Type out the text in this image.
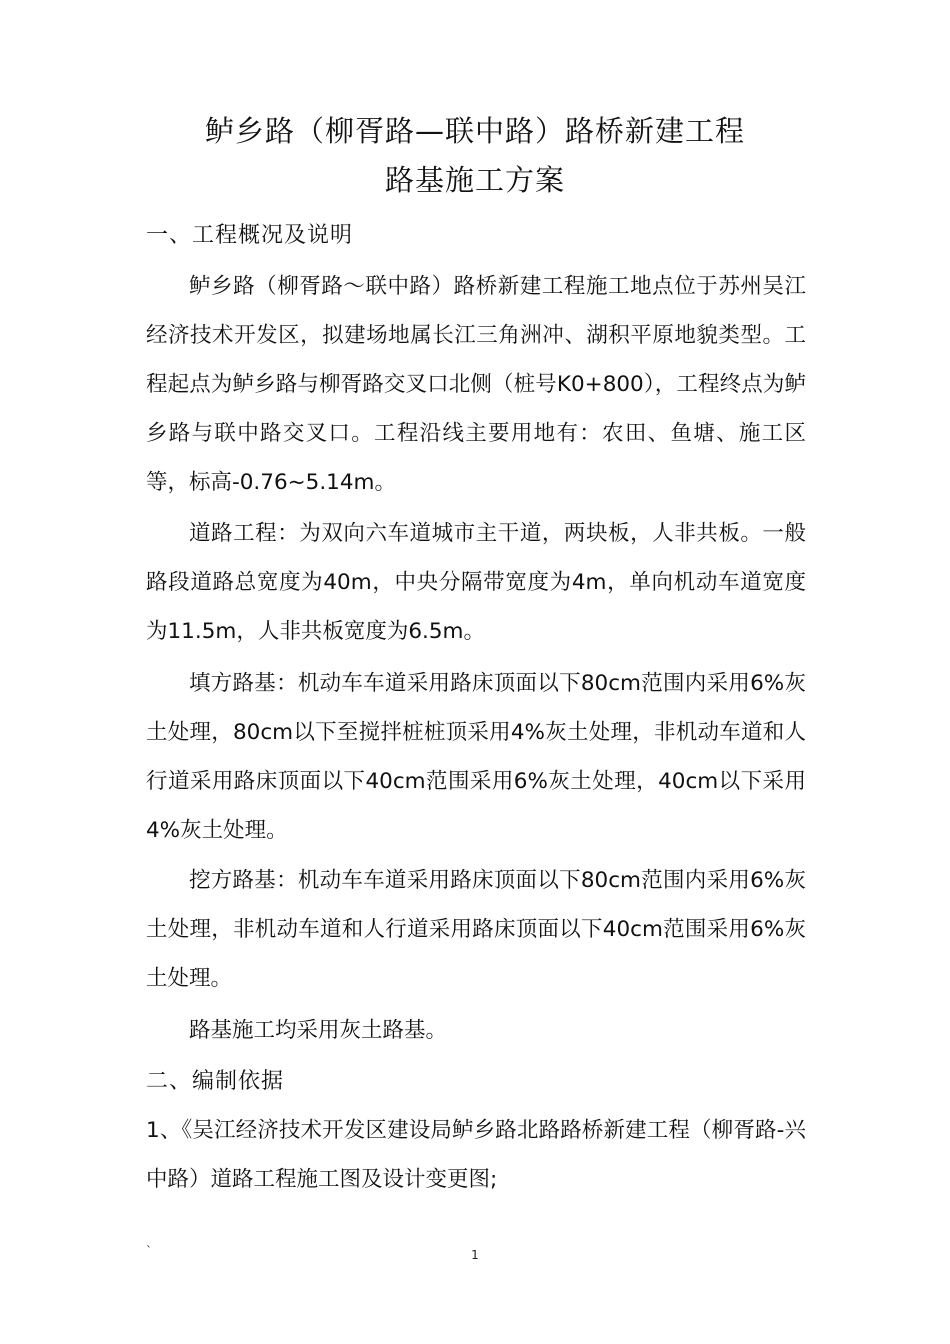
鲈乡路（柳胥路—联中路）路桥新建工程
路基施工方案
一、工程概况及说明
鲈乡路（柳胥路～联中路）路桥新建工程施工地点位于苏州吴江经济技术开发区，拟建场地属长江三角洲冲、湖积平原地貌类型。工程起点为鲈乡路与柳胥路交叉口北侧（桩号K0+800），工程终点为鲈乡路与联中路交叉口。工程沿线主要用地有：农田、鱼塘、施工区等，标高-0.76~5.14m。
道路工程：为双向六车道城市主干道，两块板，人非共板。一般路段道路总宽度为40m，中央分隔带宽度为4m，单向机动车道宽度为11.5m，人非共板宽度为6.5m。
填方路基：机动车车道采用路床顶面以下80cm范围内采用6%灰土处理，80cm以下至搅拌桩桩顶采用4%灰土处理，非机动车道和人行道采用路床顶面以下40cm范围采用6%灰土处理，40cm以下采用4%灰土处理。
挖方路基：机动车车道采用路床顶面以下80cm范围内采用6%灰土处理，非机动车道和人行道采用路床顶面以下40cm范围采用6%灰土处理。
路基施工均采用灰土路基。
二、编制依据
1、《吴江经济技术开发区建设局鲈乡路北路路桥新建工程（柳胥路-兴中路）道路工程施工图及设计变更图;
`	1
